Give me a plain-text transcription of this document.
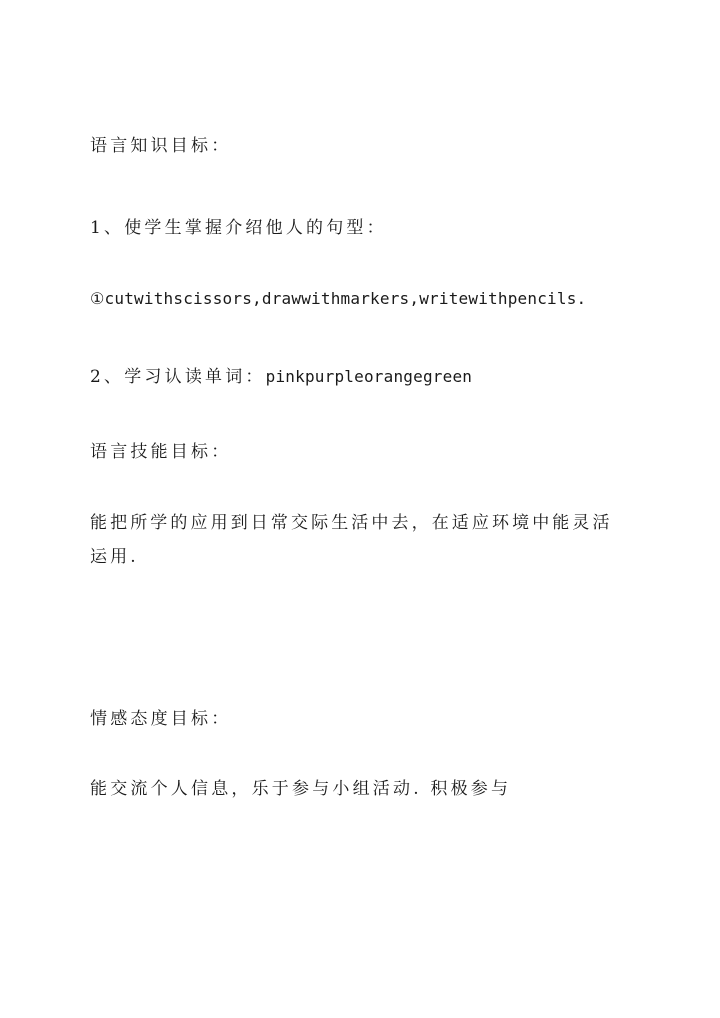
语言知识目标：
1、使学生掌握介绍他人的句型：
①cutwithscissors,drawwithmarkers,writewithpencils.
2、学习认读单词：pinkpurpleorangegreen
语言技能目标：
能把所学的应用到日常交际生活中去，在适应环境中能灵活运用.
情感态度目标：
能交流个人信息，乐于参与小组活动. 积极参与
